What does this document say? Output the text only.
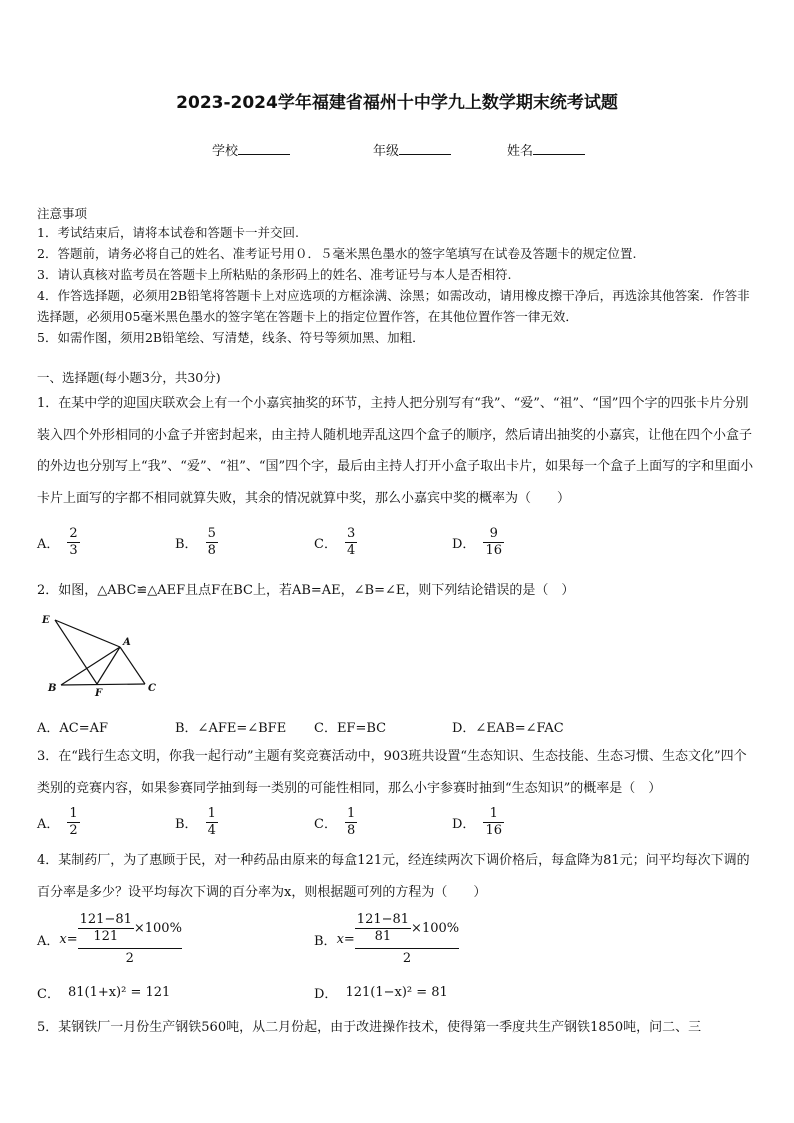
2023-2024学年福建省福州十中学九上数学期末统考试题
学校	年级	姓名
注意事项
1．考试结束后，请将本试卷和答题卡一并交回.
2．答题前，请务必将自己的姓名、准考证号用０．５毫米黑色墨水的签字笔填写在试卷及答题卡的规定位置.
3．请认真核对监考员在答题卡上所粘贴的条形码上的姓名、准考证号与本人是否相符.
4．作答选择题，必须用2B铅笔将答题卡上对应选项的方框涂满、涂黑；如需改动，请用橡皮擦干净后，再选涂其他答案．作答非选择题，必须用05毫米黑色墨水的签字笔在答题卡上的指定位置作答，在其他位置作答一律无效．
5．如需作图，须用2B铅笔绘、写清楚，线条、符号等须加黑、加粗．
一、选择题(每小题3分，共30分)
1．在某中学的迎国庆联欢会上有一个小嘉宾抽奖的环节，主持人把分别写有“我”、“爱”、“祖”、“国”四个字的四张卡片分别装入四个外形相同的小盒子并密封起来，由主持人随机地弄乱这四个盒子的顺序，然后请出抽奖的小嘉宾，让他在四个小盒子的外边也分别写上“我”、“爱”、“祖”、“国”四个字，最后由主持人打开小盒子取出卡片，如果每一个盒子上面写的字和里面小卡片上面写的字都不相同就算失败，其余的情况就算中奖，那么小嘉宾中奖的概率为（　　）
A． $\frac{2}{3}$	B． $\frac{5}{8}$	C． $\frac{3}{4}$	D． $\frac{9}{16}$
2．如图，△ABC≌△AEF且点F在BC上，若AB=AE，∠B=∠E，则下列结论错误的是（　）
E
A
B	F	C
A．AC=AF	B．∠AFE=∠BFE C．EF=BC	D．∠EAB=∠FAC
3．在“践行生态文明，你我一起行动”主题有奖竞赛活动中，903班共设置“生态知识、生态技能、生态习惯、生态文化”四个类别的竞赛内容，如果参赛同学抽到每一类别的可能性相同，那么小宇参赛时抽到“生态知识”的概率是（　）
A． $\frac{1}{2}$	B． $\frac{1}{4}$	C． $\frac{1}{8}$	D． $\frac{1}{16}$
4．某制药厂，为了惠顾于民，对一种药品由原来的每盒121元，经连续两次下调价格后，每盒降为81元；问平均每次下调的百分率是多少？设平均每次下调的百分率为x，则根据题可列的方程为（　　）
A． $x= \frac{121-81}{121} \times 100\%$
2
B． $x= \frac{121-81}{81} \times 100\%$
2
C． 81(1+x)² = 121	D． 121(1−x)² = 81
5．某钢铁厂一月份生产钢铁560吨，从二月份起，由于改进操作技术，使得第一季度共生产钢铁1850吨，问二、三
